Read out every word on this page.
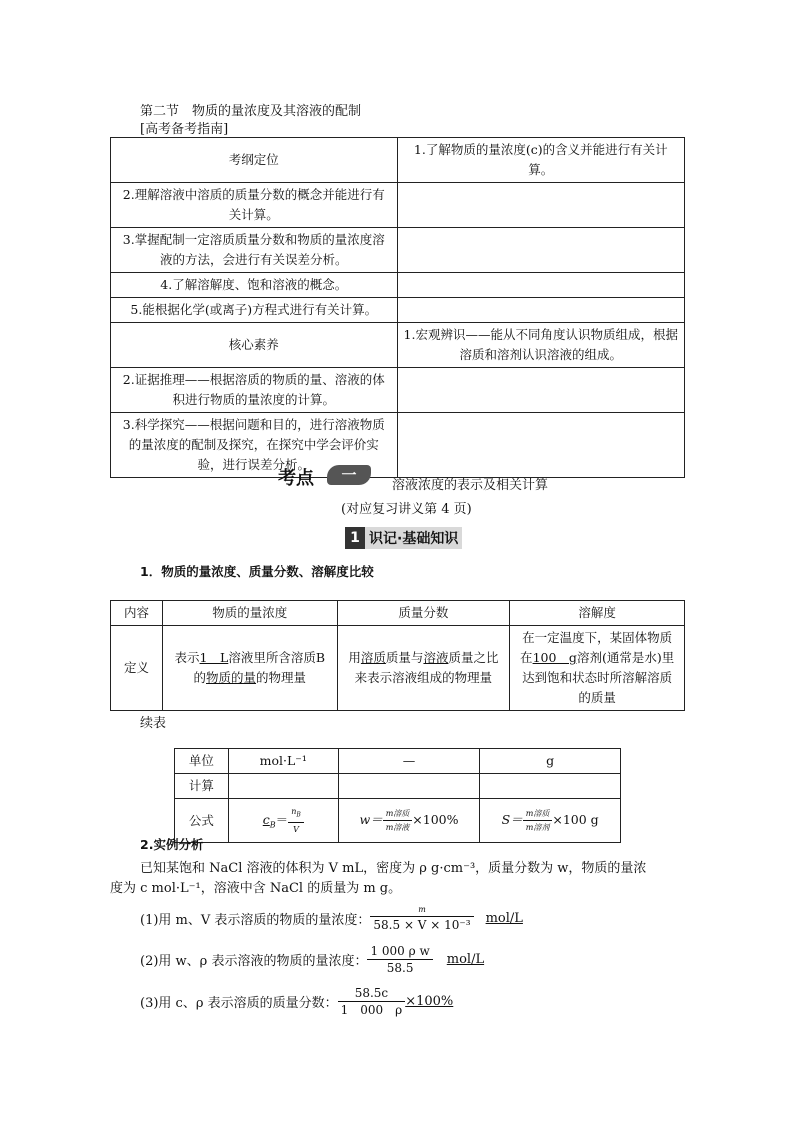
第二节　物质的量浓度及其溶液的配制
[高考备考指南]
考纲定位	1.了解物质的量浓度(c)的含义并能进行有关计算。
2.理解溶液中溶质的质量分数的概念并能进行有关计算。	
3.掌握配制一定溶质质量分数和物质的量浓度溶液的方法，会进行有关误差分析。	
4.了解溶解度、饱和溶液的概念。	
5.能根据化学(或离子)方程式进行有关计算。	
核心素养	1.宏观辨识——能从不同角度认识物质组成，根据溶质和溶剂认识溶液的组成。
2.证据推理——根据溶质的物质的量、溶液的体积进行物质的量浓度的计算。	
3.科学探究——根据问题和目的，进行溶液物质的量浓度的配制及探究，在探究中学会评价实验，进行误差分析。	
考点	一
溶液浓度的表示及相关计算
(对应复习讲义第 4 页)
1 识记·基础知识
1．物质的量浓度、质量分数、溶解度比较
内容	物质的量浓度	质量分数	溶解度
定义	表示1　L溶液里所含溶质B 的物质的量的物理量	用溶质质量与溶液质量之比来表示溶液组成的物理量	在一定温度下，某固体物质在100　g溶剂(通常是水)里达到饱和状态时所溶解溶质的质量
续表
单位	mol·L⁻¹	—	g
计算			
公式	$c_B= \frac{n_B}{V}$	$w= \frac{\text{m溶质}}{\text{m溶液}} \times 100\%$	$S= \frac{\text{m溶质}}{\text{m溶剂}} \times 100$ g
2.实例分析
已知某饱和 NaCl 溶液的体积为 V mL，密度为 ρ g·cm⁻³，质量分数为 w，物质的量浓
度为 c mol·L⁻¹，溶液中含 NaCl 的质量为 m g。
(1)用 m、V 表示溶质的物质的量浓度： $\frac{m}{\text{58.5 × V × 10⁻³}} mol/L$
(2)用 w、ρ 表示溶液的物质的量浓度： $\frac{\text{1 000 ρ w}}{58.5}$	mol/L
(3)用 c、ρ 表示溶质的质量分数： $\frac{58.5c}{1 000 \rho} \times 100\%$
